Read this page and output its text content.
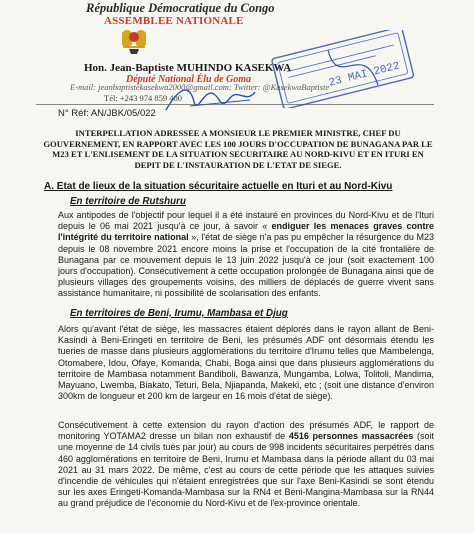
République Démocratique du Congo
ASSEMBLEE NATIONALE
Hon. Jean-Baptiste MUHINDO KASEKWA
Député National Élu de Goma
E-mail: jeanbaptistekasekwa2000@gmail.com; Twitter: @KasekwaBaptiste
Tél: +243 974 859 400
N° Réf: AN/JBK/05/022
23 MAI 2022
INTERPELLATION ADRESSEE A MONSIEUR LE PREMIER MINISTRE, CHEF DU GOUVERNEMENT, EN RAPPORT AVEC LES 100 JOURS D'OCCUPATION DE BUNAGANA PAR LE M23 ET L'ENLISEMENT DE LA SITUATION SECURITAIRE AU NORD-KIVU ET EN ITURI EN DEPIT DE L'INSTAURATION DE L'ETAT DE SIEGE.
A. Etat de lieux de la situation sécuritaire actuelle en Ituri et au Nord-Kivu
En territoire de Rutshuru
Aux antipodes de l'objectif pour lequel il a été instauré en provinces du Nord-Kivu et de l'Ituri depuis le 06 mai 2021 jusqu'à ce jour, à savoir « endiguer les menaces graves contre l'intégrité du territoire national », l'état de siège n'a pas pu empêcher la résurgence du M23 depuis le 08 novembre 2021 encore moins la prise et l'occupation de la cité frontalière de Bunagana par ce mouvement depuis le 13 juin 2022 jusqu'à ce jour (soit exactement 100 jours d'occupation). Consécutivement à cette occupation prolongée de Bunagana ainsi que de plusieurs villages des groupements voisins, des milliers de déplacés de guerre vivent sans assistance humanitaire, ni possibilité de scolarisation des enfants.
En territoires de Beni, Irumu, Mambasa et Djug
Alors qu'avant l'état de siège, les massacres étaient déplorés dans le rayon allant de Beni-Kasindi à Beni-Eringeti en territoire de Beni, les présumés ADF ont désormais étendu les tueries de masse dans plusieurs agglomérations du territoire d'Irumu telles que Mambelenga, Otomabere, Idou, Ofaye, Komanda, Chabi, Boga ainsi que dans plusieurs agglomérations du territoire de Mambasa notamment Bandiboli, Bawanza, Mungamba, Lolwa, Tolitoli, Mandima, Mayuano, Lwemba, Biakato, Teturi, Bela, Njiapanda, Makeki, etc ; (soit une distance d'environ 300km de longueur et 200 km de largeur en 16 mois d'état de siège).
Consécutivement à cette extension du rayon d'action des présumés ADF, le rapport de monitoring YOTAMA2 dresse un bilan non exhaustif de 4516 personnes massacrées (soit une moyenne de 14 civils tués par jour) au cours de 998 incidents sécuritaires perpétrés dans 460 agglomérations en territoire de Beni, Irumu et Mambasa dans la période allant du 03 mai 2021 au 31 mars 2022. De même, c'est au cours de cette période que les attaques suivies d'incendie de véhicules qui n'étaient enregistrées que sur l'axe Beni-Kasindi se sont étendu sur les axes Eringeti-Komanda-Mambasa sur la RN4 et Beni-Mangina-Mambasa sur la RN44 au grand préjudice de l'économie du Nord-Kivu et de l'ex-province orientale.
